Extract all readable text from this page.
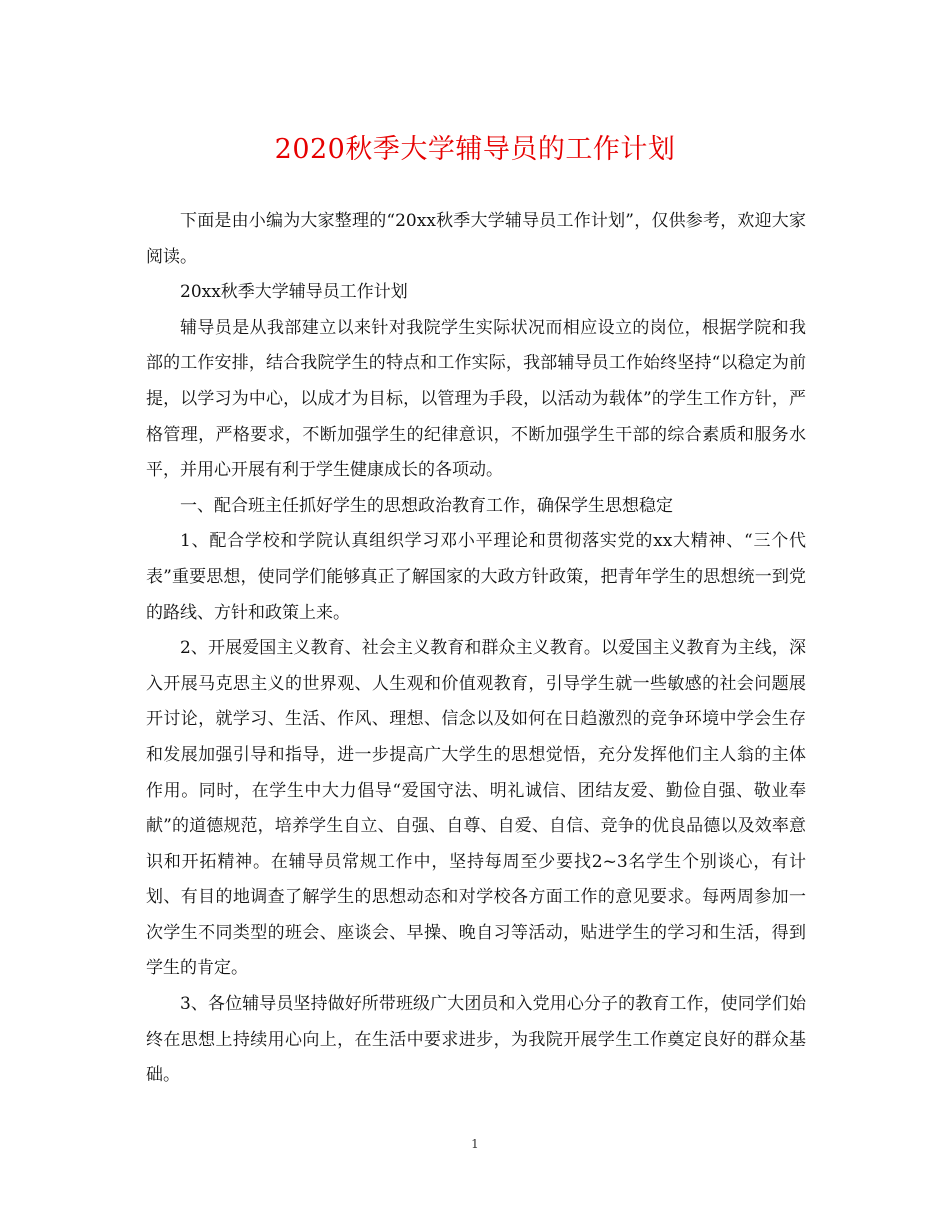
2020秋季大学辅导员的工作计划

下面是由小编为大家整理的“20xx秋季大学辅导员工作计划”，仅供参考，欢迎大家阅读。

20xx秋季大学辅导员工作计划

辅导员是从我部建立以来针对我院学生实际状况而相应设立的岗位，根据学院和我部的工作安排，结合我院学生的特点和工作实际，我部辅导员工作始终坚持“以稳定为前提，以学习为中心，以成才为目标，以管理为手段，以活动为载体”的学生工作方针，严格管理，严格要求，不断加强学生的纪律意识，不断加强学生干部的综合素质和服务水平，并用心开展有利于学生健康成长的各项动。

一、配合班主任抓好学生的思想政治教育工作，确保学生思想稳定

1、配合学校和学院认真组织学习邓小平理论和贯彻落实党的xx大精神、“三个代表”重要思想，使同学们能够真正了解国家的大政方针政策，把青年学生的思想统一到党的路线、方针和政策上来。

2、开展爱国主义教育、社会主义教育和群众主义教育。以爱国主义教育为主线，深入开展马克思主义的世界观、人生观和价值观教育，引导学生就一些敏感的社会问题展开讨论，就学习、生活、作风、理想、信念以及如何在日趋激烈的竞争环境中学会生存和发展加强引导和指导，进一步提高广大学生的思想觉悟，充分发挥他们主人翁的主体作用。同时，在学生中大力倡导“爱国守法、明礼诚信、团结友爱、勤俭自强、敬业奉献”的道德规范，培养学生自立、自强、自尊、自爱、自信、竞争的优良品德以及效率意识和开拓精神。在辅导员常规工作中，坚持每周至少要找2~3名学生个别谈心，有计划、有目的地调查了解学生的思想动态和对学校各方面工作的意见要求。每两周参加一次学生不同类型的班会、座谈会、早操、晚自习等活动，贴进学生的学习和生活，得到学生的肯定。

3、各位辅导员坚持做好所带班级广大团员和入党用心分子的教育工作，使同学们始终在思想上持续用心向上，在生活中要求进步，为我院开展学生工作奠定良好的群众基础。

1
